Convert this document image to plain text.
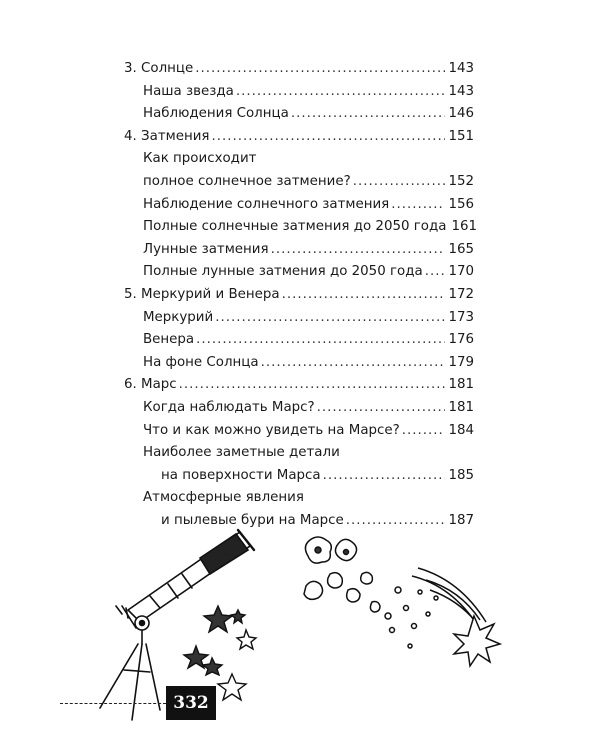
3. Солнце .....	143
Наша звезда .....	143
Наблюдения Солнца .....	146
4. Затмения .....	151
Как происходит
полное солнечное затмение? .....	152
Наблюдение солнечного затмения .....	156
Полные солнечные затмения до 2050 года 161
Лунные затмения .....	165
Полные лунные затмения до 2050 года ..... 170
5. Меркурий и Венера .....	172
Меркурий .....	173
Венера .....	176
На фоне Солнца .....	179
6. Марс .....	181
Когда наблюдать Марс? .....	181
Что и как можно увидеть на Марсе? .....	184
Наиболее заметные детали
на поверхности Марса .....	185
Атмосферные явления
и пылевые бури на Марсе .....	187
332
